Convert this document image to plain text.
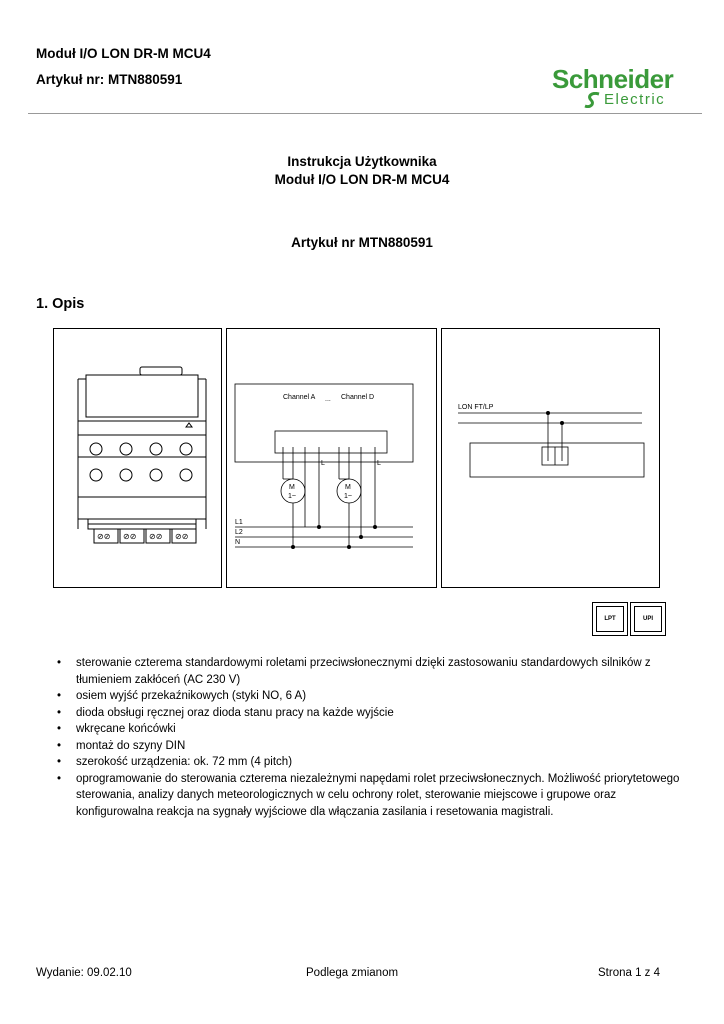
Moduł I/O LON DR-M MCU4
Artykuł nr: MTN880591	Schneider
Electric
Instrukcja Użytkownika
Moduł I/O LON DR-M MCU4
Artykuł nr MTN880591
1. Opis
⊘⊘ ⊘⊘ ⊘⊘ ⊘⊘
Channel A ... Channel D
L	L
M
1~
M
1~
L1
L2
N
LON FT/LP
LPT	UPI
• sterowanie czterema standardowymi roletami przeciwsłonecznymi dzięki zastosowaniu standardowych silników z tłumieniem zakłóceń (AC 230 V)
• osiem wyjść przekaźnikowych (styki NO, 6 A)
• dioda obsługi ręcznej oraz dioda stanu pracy na każde wyjście
• wkręcane końcówki
• montaż do szyny DIN
• szerokość urządzenia: ok. 72 mm (4 pitch)
• oprogramowanie do sterowania czterema niezależnymi napędami rolet przeciwsłonecznych. Możliwość priorytetowego sterowania, analizy danych meteorologicznych w celu ochrony rolet, sterowanie miejscowe i grupowe oraz konfigurowalna reakcja na sygnały wyjściowe dla włączania zasilania i resetowania magistrali.
Wydanie: 09.02.10	Podlega zmianom	Strona 1 z 4
